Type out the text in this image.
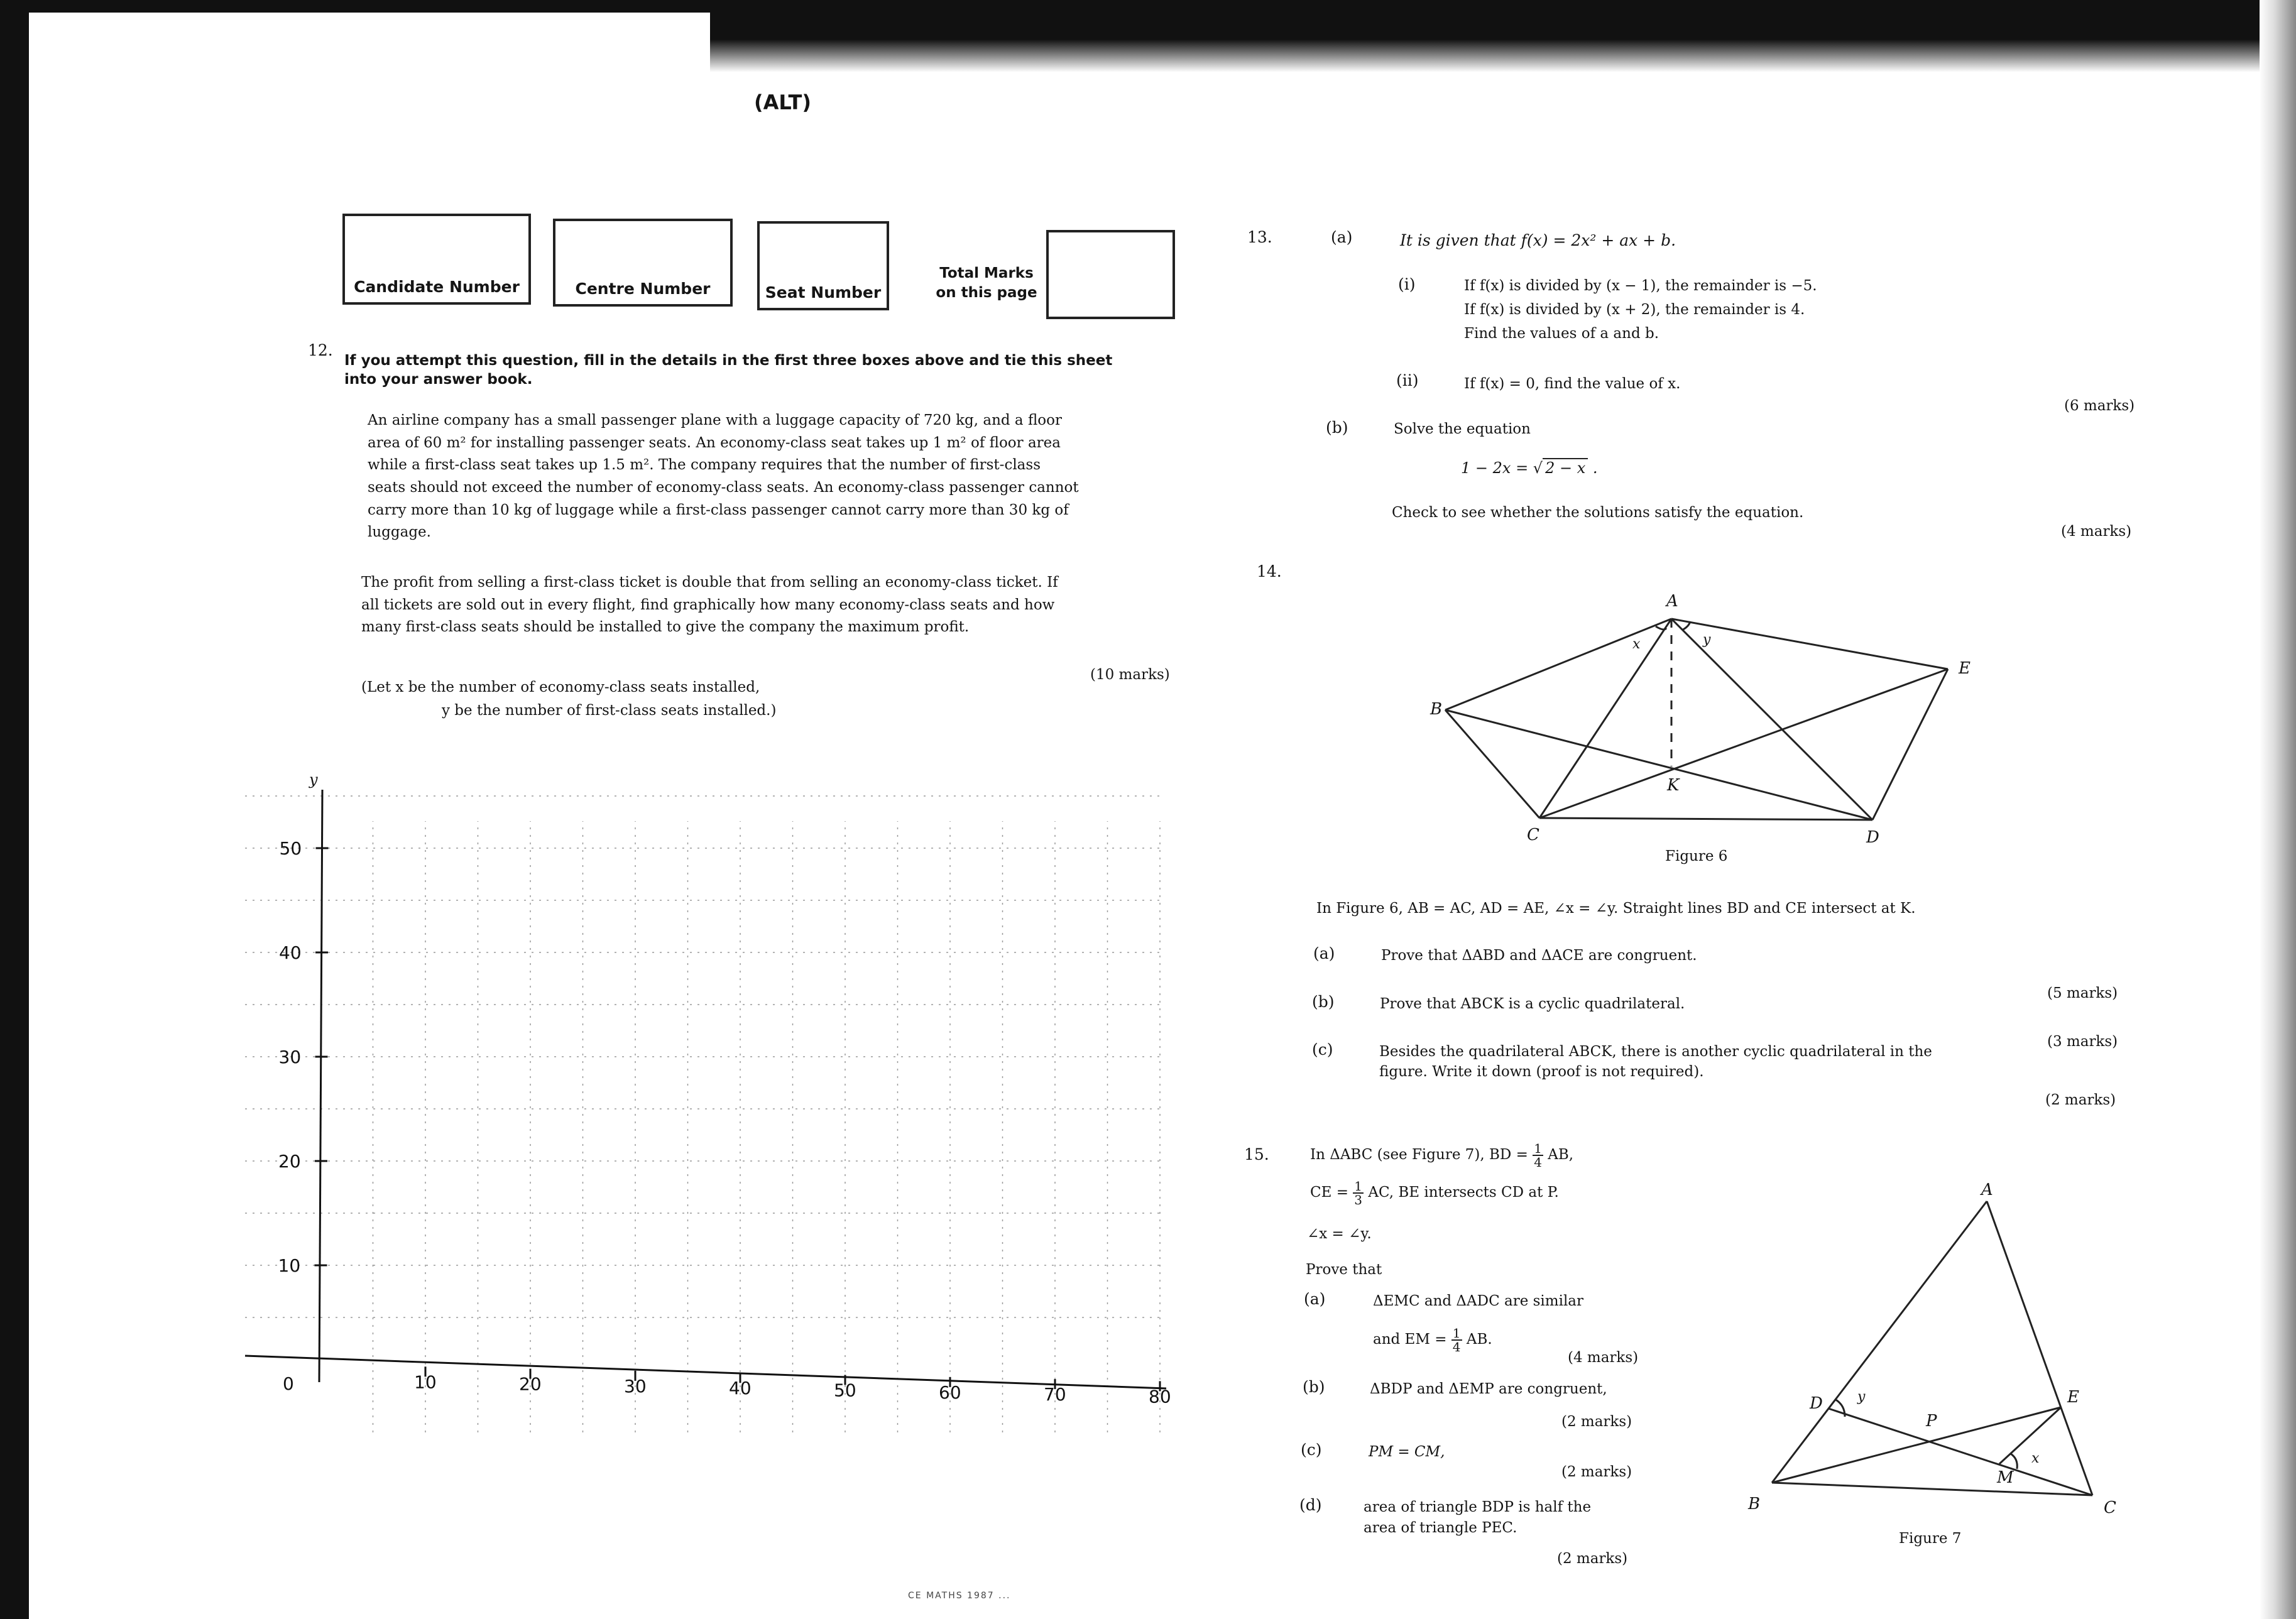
(ALT)
Candidate Number	Centre Number	Seat Number
Total Marks
on this page
12.
If you attempt this question, fill in the details in the first three boxes above and tie this sheet
into your answer book.
An airline company has a small passenger plane with a luggage capacity of 720 kg, and a floor
area of 60 m² for installing passenger seats. An economy-class seat takes up 1 m² of floor area
while a first-class seat takes up 1.5 m². The company requires that the number of first-class
seats should not exceed the number of economy-class seats. An economy-class passenger cannot
carry more than 10 kg of luggage while a first-class passenger cannot carry more than 30 kg of
luggage.
The profit from selling a first-class ticket is double that from selling an economy-class ticket. If
all tickets are sold out in every flight, find graphically how many economy-class seats and how
many first-class seats should be installed to give the company the maximum profit.
(10 marks)
(Let x be the number of economy-class seats installed,
y be the number of first-class seats installed.)
y
0	10	20	30	40	50	60	70	80
10
20
30
40
50
13.	(a)	It is given that f(x) = 2x² + ax + b.
(i)	If f(x) is divided by (x − 1), the remainder is −5.
If f(x) is divided by (x + 2), the remainder is 4.
Find the values of a and b.
(ii)	If f(x) = 0, find the value of x.
(6 marks)
(b)	Solve the equation
1 − 2x = √ 2 − x .
Check to see whether the solutions satisfy the equation.
(4 marks)
14.
A
B
C	D
E
K
x	y
Figure 6
In Figure 6, AB = AC, AD = AE, ∠x = ∠y. Straight lines BD and CE intersect at K.
(a)	Prove that ΔABD and ΔACE are congruent.
(5 marks)
(b)	Prove that ABCK is a cyclic quadrilateral.
(3 marks)
(c)	Besides the quadrilateral ABCK, there is another cyclic quadrilateral in the
figure. Write it down (proof is not required).
(2 marks)
15.	In ΔABC (see Figure 7), BD = $\frac{1}{4}$ AB,
CE = $\frac{1}{3}$ AC, BE intersects CD at P.
∠x = ∠y.
Prove that
(a)	ΔEMC and ΔADC are similar
and EM = $\frac{1}{4}$ AB.
(4 marks)
(b)	ΔBDP and ΔEMP are congruent,
(2 marks)
(c)	PM = CM,
(2 marks)
(d)	area of triangle BDP is half the
area of triangle PEC.
(2 marks)
A
B	C
D	E
P
M
x
y
Figure 7
CE MATHS 1987 ...
